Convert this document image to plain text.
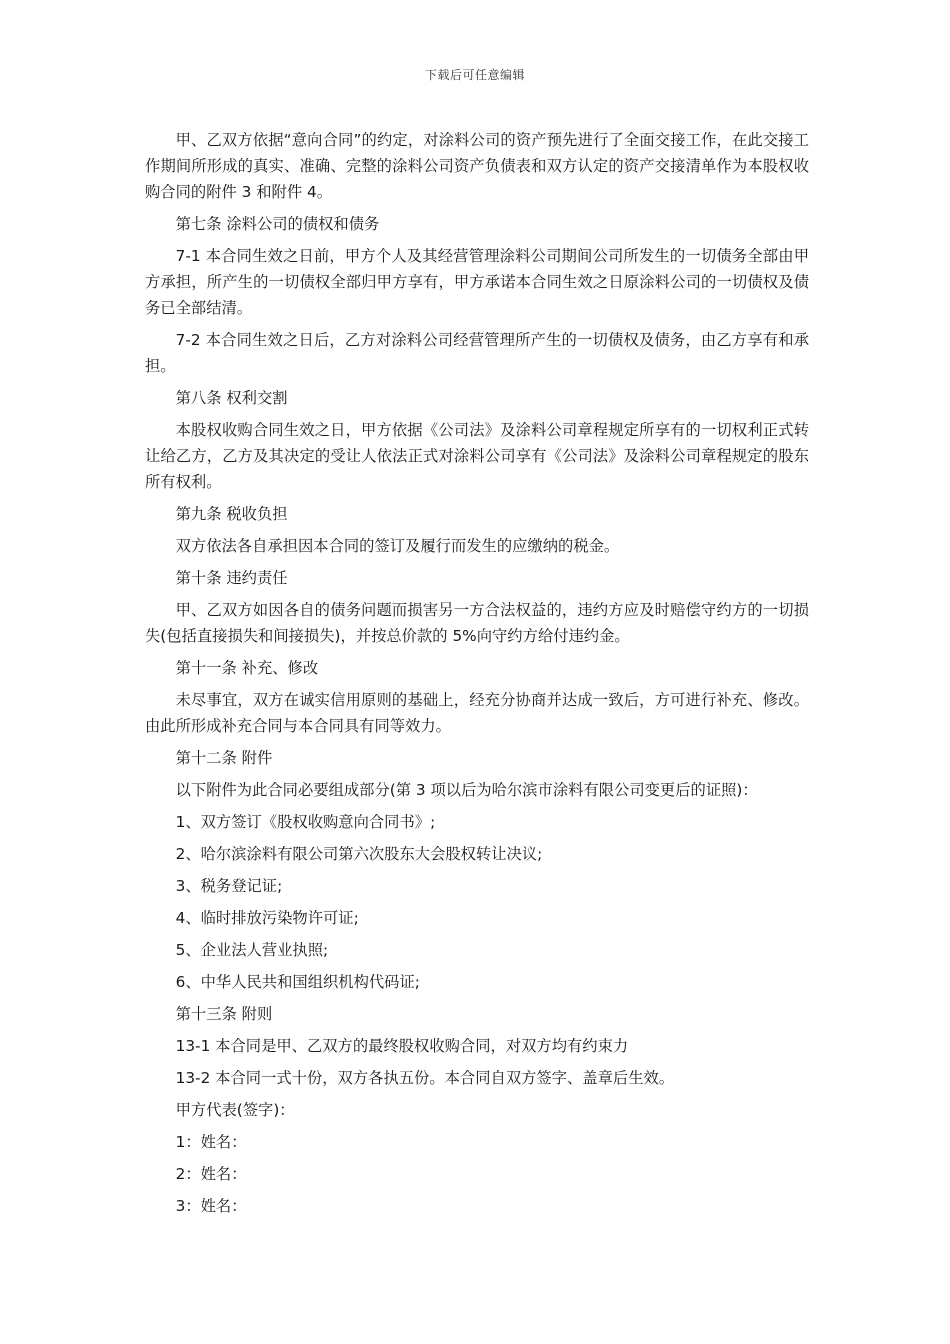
下载后可任意编辑

甲、乙双方依据“意向合同”的约定，对涂料公司的资产预先进行了全面交接工作，在此交接工作期间所形成的真实、准确、完整的涂料公司资产负债表和双方认定的资产交接清单作为本股权收购合同的附件 3 和附件 4。

第七条 涂料公司的债权和债务

7-1 本合同生效之日前，甲方个人及其经营管理涂料公司期间公司所发生的一切债务全部由甲方承担，所产生的一切债权全部归甲方享有，甲方承诺本合同生效之日原涂料公司的一切债权及债务已全部结清。

7-2 本合同生效之日后，乙方对涂料公司经营管理所产生的一切债权及债务，由乙方享有和承担。

第八条 权利交割

本股权收购合同生效之日，甲方依据《公司法》及涂料公司章程规定所享有的一切权利正式转让给乙方，乙方及其决定的受让人依法正式对涂料公司享有《公司法》及涂料公司章程规定的股东所有权利。

第九条 税收负担

双方依法各自承担因本合同的签订及履行而发生的应缴纳的税金。

第十条 违约责任

甲、乙双方如因各自的债务问题而损害另一方合法权益的，违约方应及时赔偿守约方的一切损失(包括直接损失和间接损失)，并按总价款的 5%向守约方给付违约金。

第十一条 补充、修改

未尽事宜，双方在诚实信用原则的基础上，经充分协商并达成一致后，方可进行补充、修改。由此所形成补充合同与本合同具有同等效力。

第十二条 附件

以下附件为此合同必要组成部分(第 3 项以后为哈尔滨市涂料有限公司变更后的证照)：

1、双方签订《股权收购意向合同书》;

2、哈尔滨涂料有限公司第六次股东大会股权转让决议;

3、税务登记证;

4、临时排放污染物许可证;

5、企业法人营业执照;

6、中华人民共和国组织机构代码证;

第十三条 附则

13-1 本合同是甲、乙双方的最终股权收购合同，对双方均有约束力

13-2 本合同一式十份，双方各执五份。本合同自双方签字、盖章后生效。

甲方代表(签字)：

1：姓名：

2：姓名：

3：姓名：
